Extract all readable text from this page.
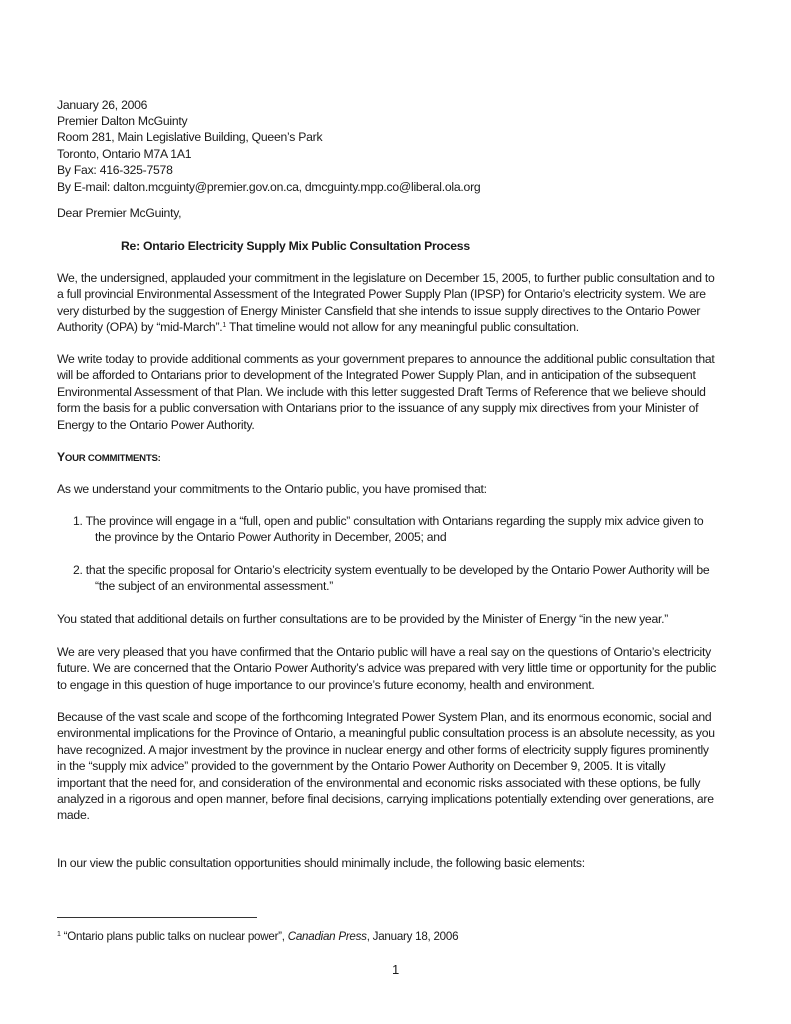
January 26, 2006

Premier Dalton McGuinty
Room 281, Main Legislative Building, Queen’s Park
Toronto, Ontario M7A 1A1
By Fax: 416-325-7578
By E-mail: dalton.mcguinty@premier.gov.on.ca, dmcguinty.mpp.co@liberal.ola.org

Dear Premier McGuinty,

Re: Ontario Electricity Supply Mix Public Consultation Process

We, the undersigned, applauded your commitment in the legislature on December 15, 2005, to further public consultation and to
a full provincial Environmental Assessment of the Integrated Power Supply Plan (IPSP) for Ontario’s electricity system. We are
very disturbed by the suggestion of Energy Minister Cansfield that she intends to issue supply directives to the Ontario Power
Authority (OPA) by “mid-March”.$^1$ That timeline would not allow for any meaningful public consultation.

We write today to provide additional comments as your government prepares to announce the additional public consultation that
will be afforded to Ontarians prior to development of the Integrated Power Supply Plan, and in anticipation of the subsequent
Environmental Assessment of that Plan. We include with this letter suggested Draft Terms of Reference that we believe should
form the basis for a public conversation with Ontarians prior to the issuance of any supply mix directives from your Minister of
Energy to the Ontario Power Authority.

YOUR COMMITMENTS:

As we understand your commitments to the Ontario public, you have promised that:

1. The province will engage in a “full, open and public” consultation with Ontarians regarding the supply mix advice given to
the province by the Ontario Power Authority in December, 2005; and
2. that the specific proposal for Ontario’s electricity system eventually to be developed by the Ontario Power Authority will be
“the subject of an environmental assessment.”

You stated that additional details on further consultations are to be provided by the Minister of Energy “in the new year.”

We are very pleased that you have confirmed that the Ontario public will have a real say on the questions of Ontario’s electricity
future. We are concerned that the Ontario Power Authority’s advice was prepared with very little time or opportunity for the public
to engage in this question of huge importance to our province’s future economy, health and environment.

Because of the vast scale and scope of the forthcoming Integrated Power System Plan, and its enormous economic, social and
environmental implications for the Province of Ontario, a meaningful public consultation process is an absolute necessity, as you
have recognized. A major investment by the province in nuclear energy and other forms of electricity supply figures prominently
in the “supply mix advice” provided to the government by the Ontario Power Authority on December 9, 2005. It is vitally
important that the need for, and consideration of the environmental and economic risks associated with these options, be fully
analyzed in a rigorous and open manner, before final decisions, carrying implications potentially extending over generations, are
made.

In our view the public consultation opportunities should minimally include, the following basic elements:

$^1$ “Ontario plans public talks on nuclear power”, Canadian Press, January 18, 2006
1
